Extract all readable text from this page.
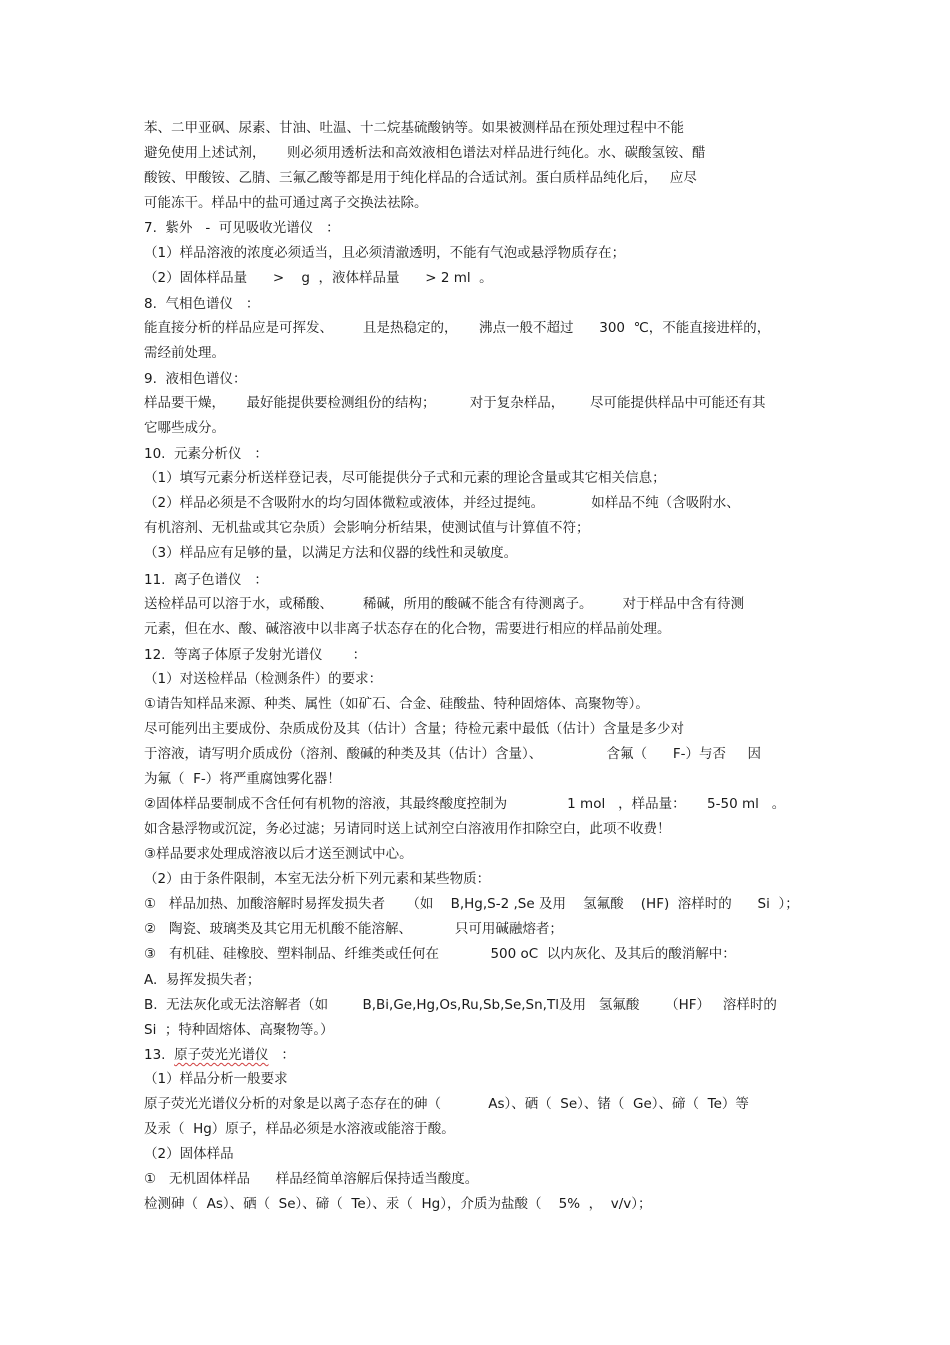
苯、二甲亚砜、尿素、甘油、吐温、十二烷基硫酸钠等。如果被测样品在预处理过程中不能
避免使用上述试剂，     则必须用透析法和高效液相色谱法对样品进行纯化。水、碳酸氢铵、醋
酸铵、甲酸铵、乙腈、三氟乙酸等都是用于纯化样品的合适试剂。蛋白质样品纯化后，   应尽
可能冻干。样品中的盐可通过离子交换法祛除。
7.  紫外   -  可见吸收光谱仪   ：
（1）样品溶液的浓度必须适当，且必须清澈透明，不能有气泡或悬浮物质存在；
（2）固体样品量      >    g  ，液体样品量      > 2 ml  。
8.  气相色谱仪   ：
能直接分析的样品应是可挥发、       且是热稳定的，     沸点一般不超过      300  ℃，不能直接进样的，
需经前处理。
9.  液相色谱仪：
样品要干燥，     最好能提供要检测组份的结构；        对于复杂样品，      尽可能提供样品中可能还有其
它哪些成分。
10.  元素分析仪   ：
（1）填写元素分析送样登记表，尽可能提供分子式和元素的理论含量或其它相关信息；
（2）样品必须是不含吸附水的均匀固体微粒或液体，并经过提纯。           如样品不纯（含吸附水、
有机溶剂、无机盐或其它杂质）会影响分析结果，使测试值与计算值不符；
（3）样品应有足够的量，以满足方法和仪器的线性和灵敏度。
11.  离子色谱仪   ：
送检样品可以溶于水，或稀酸、       稀碱，所用的酸碱不能含有待测离子。       对于样品中含有待测
元素，但在水、酸、碱溶液中以非离子状态存在的化合物，需要进行相应的样品前处理。
12.  等离子体原子发射光谱仪       ：
（1）对送检样品（检测条件）的要求：
①请告知样品来源、种类、属性（如矿石、合金、硅酸盐、特种固熔体、高聚物等）。
尽可能列出主要成份、杂质成份及其（估计）含量；待检元素中最低（估计）含量是多少对
于溶液，请写明介质成份（溶剂、酸碱的种类及其（估计）含量）、               含氟（      F-）与否     因
为氟（  F-）将严重腐蚀雾化器！
②固体样品要制成不含任何有机物的溶液，其最终酸度控制为              1 mol   ，样品量：     5-50 ml   。
如含悬浮物或沉淀，务必过滤；另请同时送上试剂空白溶液用作扣除空白，此项不收费！
③样品要求处理成溶液以后才送至测试中心。
（2）由于条件限制，本室无法分析下列元素和某些物质：
①   样品加热、加酸溶解时易挥发损失者     （如    B,Hg,S-2 ,Se 及用    氢氟酸    (HF)  溶样时的      Si  ）；
②   陶瓷、玻璃类及其它用无机酸不能溶解、          只可用碱融熔者；
③   有机硅、硅橡胶、塑料制品、纤维类或任何在            500 oC  以内灰化、及其后的酸消解中：
A.  易挥发损失者；
B.  无法灰化或无法溶解者（如        B,Bi,Ge,Hg,Os,Ru,Sb,Se,Sn,Tl及用   氢氟酸      （HF）   溶样时的
Si  ；特种固熔体、高聚物等。）
13.  原子荧光光谱仪   ：
（1）样品分析一般要求
原子荧光光谱仪分析的对象是以离子态存在的砷（           As）、硒（  Se）、锗（  Ge）、碲（  Te）等
及汞（  Hg）原子，样品必须是水溶液或能溶于酸。
（2）固体样品
①   无机固体样品      样品经简单溶解后保持适当酸度。
检测砷（  As）、硒（  Se）、碲（  Te）、汞（  Hg），介质为盐酸（    5%  ，  v/v）；
